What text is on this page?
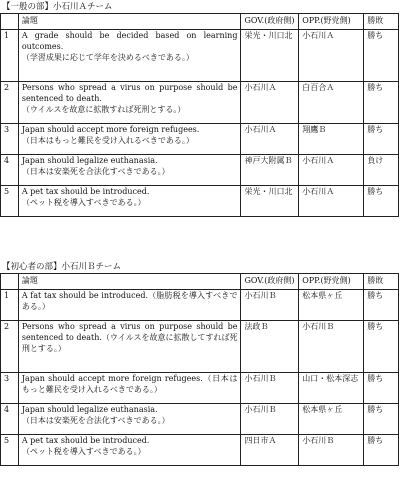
【一般の部】小石川Ａチーム
	論題	GOV.(政府側)	OPP.(野党側)	勝敗
1	A grade should be decided based on learning outcomes.
（学習成果に応じて学年を決めるべきである。）	栄光・川口北	小石川Ａ	勝ち
2	Persons who spread a virus on purpose should be sentenced to death.
（ウイルスを故意に拡散すれば死刑とする。）	小石川Ａ	白百合Ａ	勝ち
3	Japan should accept more foreign refugees.
（日本はもっと難民を受け入れるべきである。）	小石川Ａ	翔鷹Ｂ	勝ち
4	Japan should legalize euthanasia.
（日本は安楽死を合法化すべきである。）	神戸大附属Ｂ	小石川Ａ	負け
5	A pet tax should be introduced.
（ペット税を導入すべきである。）	栄光・川口北	小石川Ａ	勝ち
【初心者の部】小石川Ｂチーム
	論題	GOV.(政府側)	OPP.(野党側)	勝敗
1	A fat tax should be introduced.（脂肪税を導入すべきである。）	小石川Ｂ	松本県ヶ丘	勝ち
2	Persons who spread a virus on purpose should be sentenced to death.（ウイルスを故意に拡散してすれば死刑とする。）	法政Ｂ	小石川Ｂ	勝ち
3	Japan should accept more foreign refugees.（日本はもっと難民を受け入れるべきである。）	小石川Ｂ	山口・松本深志	勝ち
4	Japan should legalize euthanasia.
（日本は安楽死を合法化すべきである。）	小石川Ｂ	松本県ヶ丘	勝ち
5	A pet tax should be introduced.
（ペット税を導入すべきである。）	四日市Ａ	小石川Ｂ	勝ち
